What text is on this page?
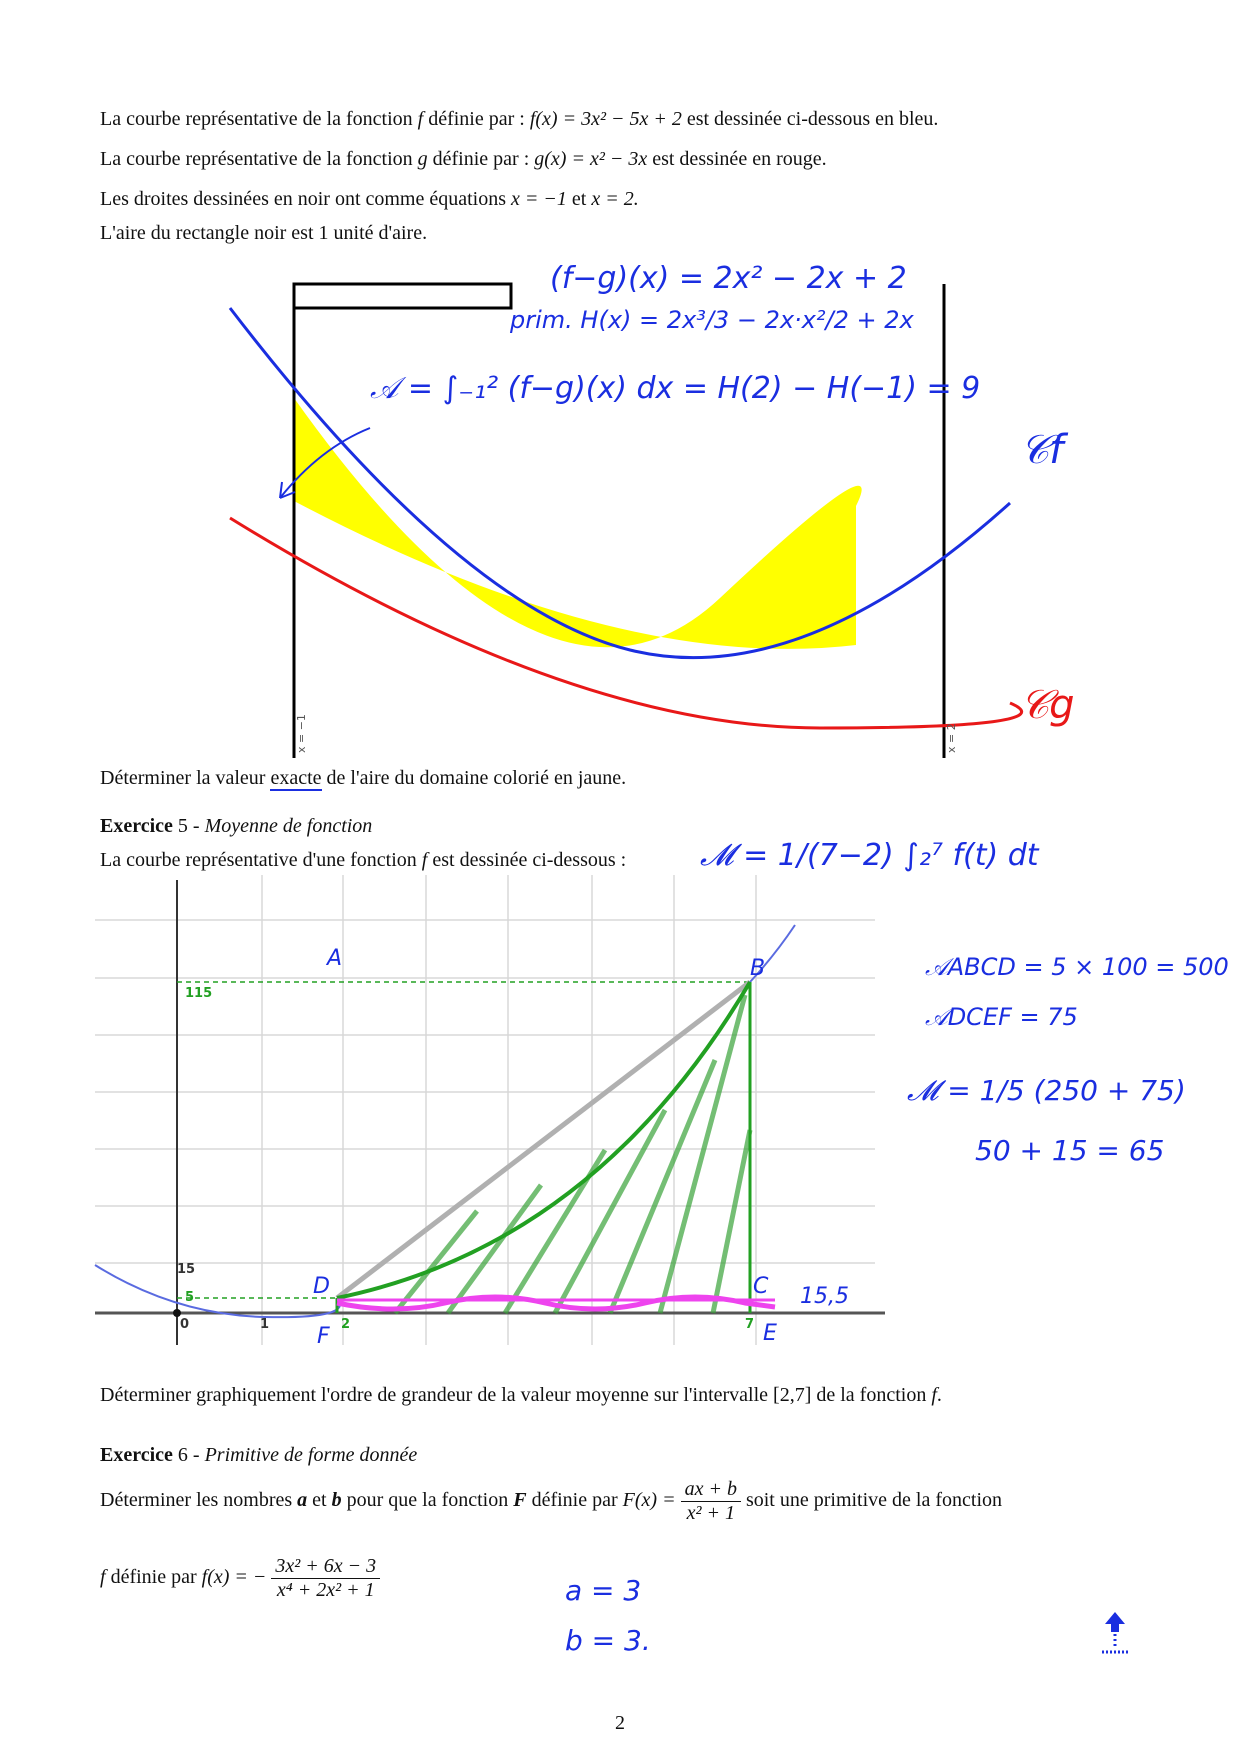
La courbe représentative de la fonction f définie par : f(x) = 3x² − 5x + 2 est dessinée ci-dessous en bleu.
La courbe représentative de la fonction g définie par : g(x) = x² − 3x est dessinée en rouge.
Les droites dessinées en noir ont comme équations x = −1 et x = 2.
L'aire du rectangle noir est 1 unité d'aire.
x = −1	x = 2
(f−g)(x) = 2x² − 2x + 2
prim. H(x) = 2x³/3 − 2x·x²/2 + 2x
𝒜 = ∫₋₁² (f−g)(x) dx = H(2) − H(−1) = 9
𝒞f
𝒞g
Déterminer la valeur exacte de l'aire du domaine colorié en jaune.
Exercice 5 - Moyenne de fonction
La courbe représentative d'une fonction f est dessinée ci-dessous : 𝓜 = 1/(7−2) ∫₂⁷ f(t) dt
115
15
5
0	1	2	7
A	B
C
D
E
F
𝒜ABCD = 5 × 100 = 500
𝒜DCEF = 75
𝓜 = 1/5 (250 + 75)
50 + 15 = 65
15,5
Déterminer graphiquement l'ordre de grandeur de la valeur moyenne sur l'intervalle [2,7] de la fonction f.
Exercice 6 - Primitive de forme donnée
Déterminer les nombres a et b pour que la fonction F définie par $F(x) = \frac{ax + b}{\text{x² + 1}}$ soit une primitive de la fonction
f définie par f(x) = − $\frac{\text{3x² + 6x − 3}}{\text{x⁴ + 2x² + 1}}$	a = 3
b = 3.
2
